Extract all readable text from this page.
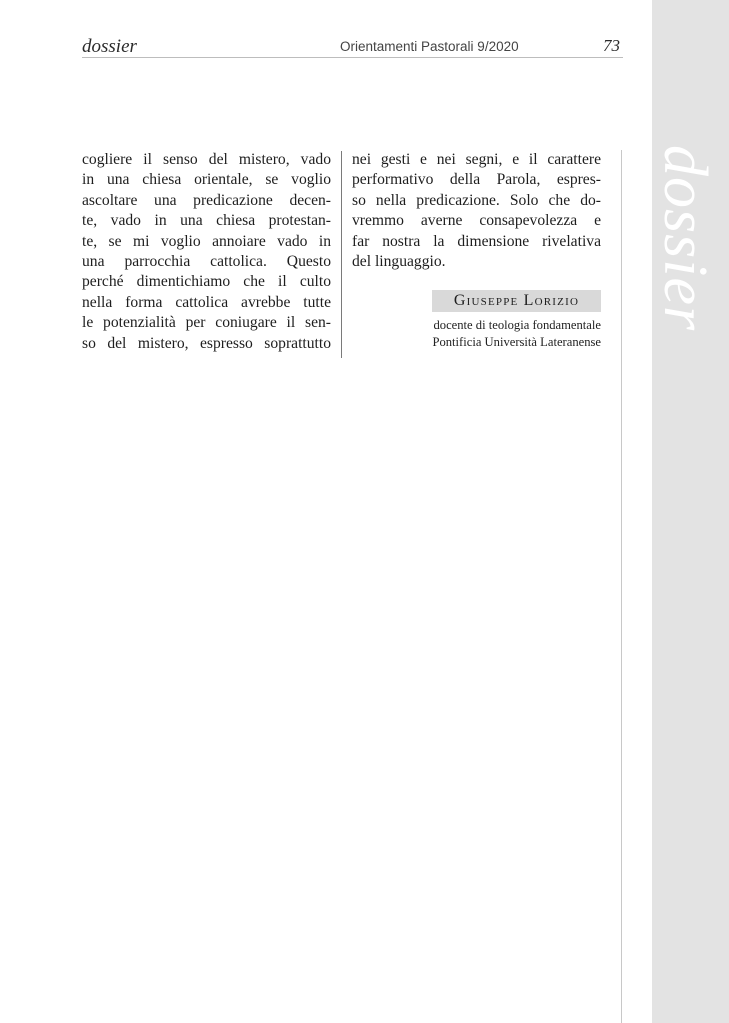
dossier	Orientamenti Pastorali 9/2020	73
dossier

cogliere il senso del mistero, vado
in una chiesa orientale, se voglio
ascoltare una predicazione decen-
te, vado in una chiesa protestan-
te, se mi voglio annoiare vado in
una parrocchia cattolica. Questo
perché dimentichiamo che il culto
nella forma cattolica avrebbe tutte
le potenzialità per coniugare il sen-
so del mistero, espresso soprattutto

nei gesti e nei segni, e il carattere
performativo della Parola, espres-
so nella predicazione. Solo che do-
vremmo averne consapevolezza e
far nostra la dimensione rivelativa
del linguaggio.

Giuseppe Lorizio
docente di teologia fondamentale
Pontificia Università Lateranense
